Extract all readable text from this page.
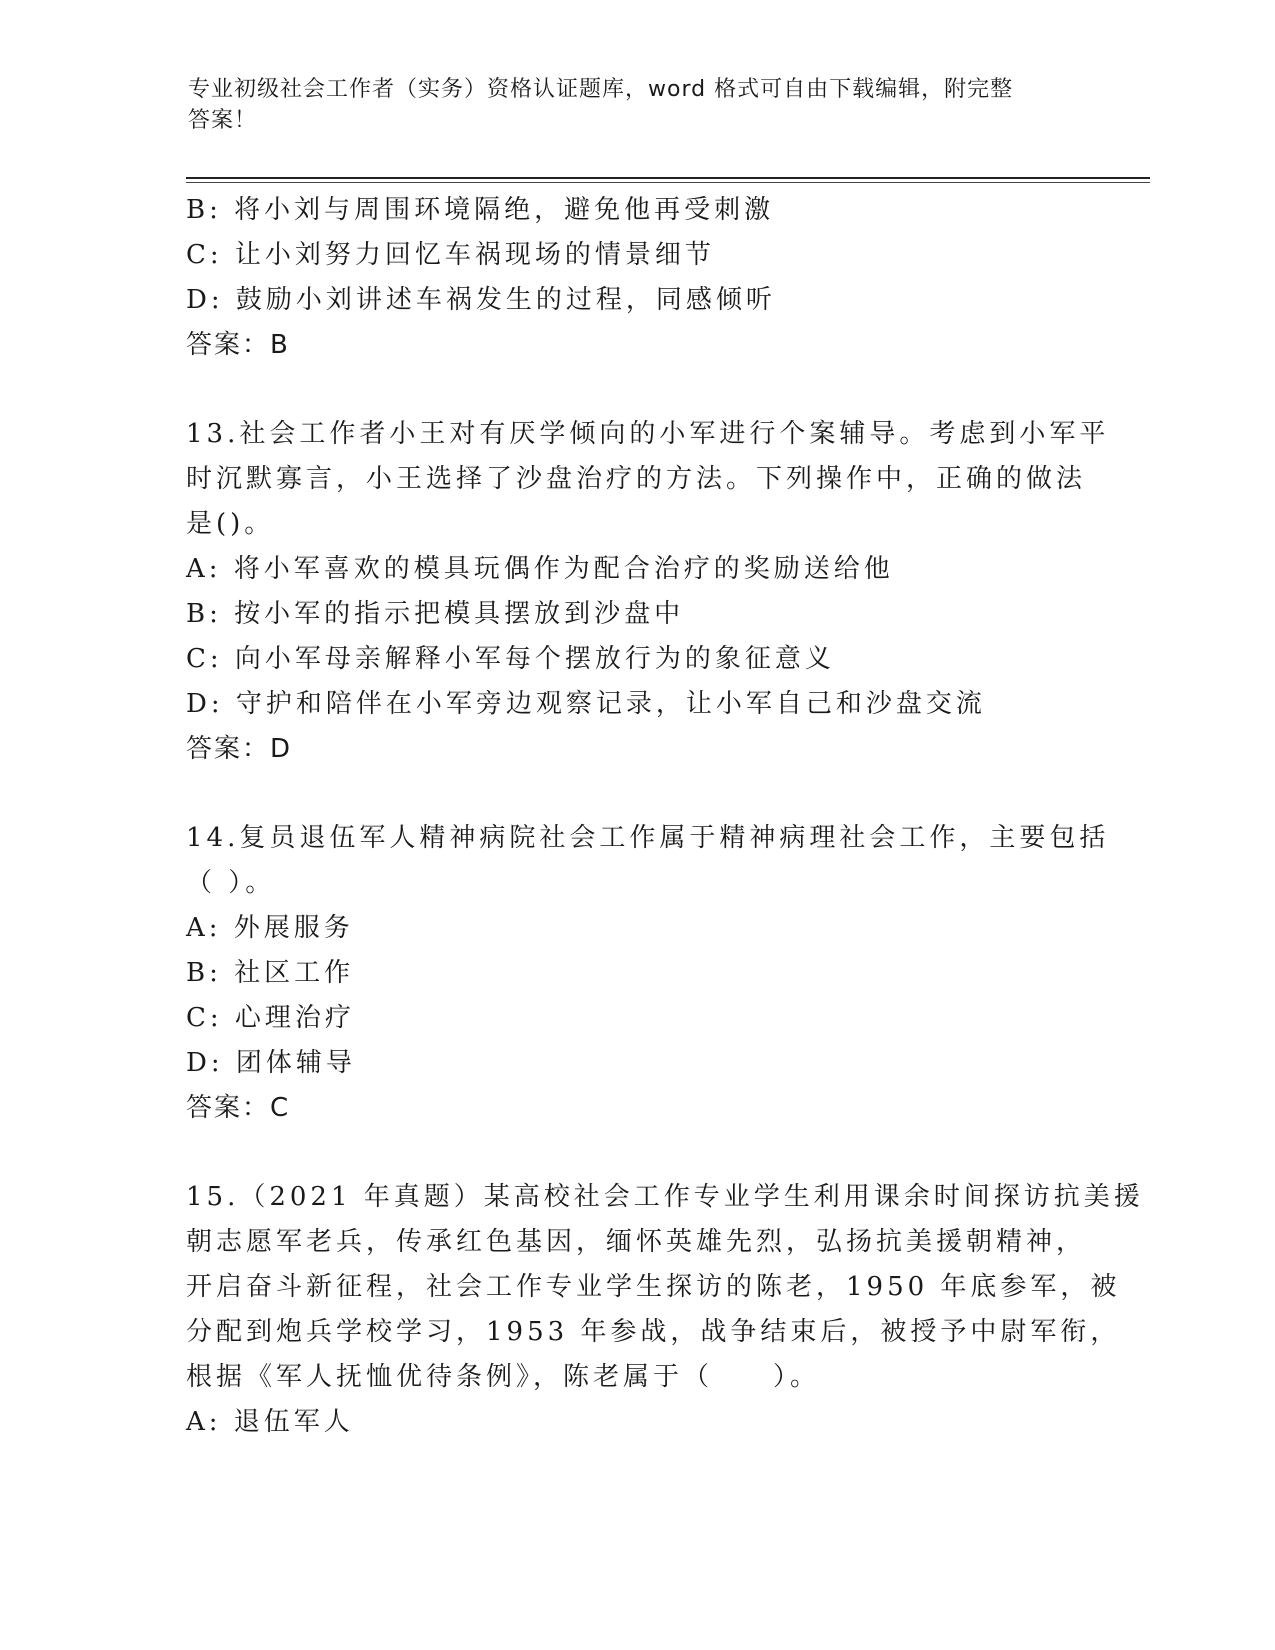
专业初级社会工作者（实务）资格认证题库，word 格式可自由下载编辑，附完整
答案！
B: 将小刘与周围环境隔绝，避免他再受刺激
C: 让小刘努力回忆车祸现场的情景细节
D: 鼓励小刘讲述车祸发生的过程，同感倾听
答案：B
13.社会工作者小王对有厌学倾向的小军进行个案辅导。考虑到小军平
时沉默寡言，小王选择了沙盘治疗的方法。下列操作中，正确的做法
是()。
A: 将小军喜欢的模具玩偶作为配合治疗的奖励送给他
B: 按小军的指示把模具摆放到沙盘中
C: 向小军母亲解释小军每个摆放行为的象征意义
D: 守护和陪伴在小军旁边观察记录，让小军自己和沙盘交流
答案：D
14.复员退伍军人精神病院社会工作属于精神病理社会工作，主要包括
（ ）。
A: 外展服务
B: 社区工作
C: 心理治疗
D: 团体辅导
答案：C
15.（2021 年真题）某高校社会工作专业学生利用课余时间探访抗美援
朝志愿军老兵，传承红色基因，缅怀英雄先烈，弘扬抗美援朝精神，
开启奋斗新征程，社会工作专业学生探访的陈老，1950 年底参军，被
分配到炮兵学校学习，1953 年参战，战争结束后，被授予中尉军衔，
根据《军人抚恤优待条例》，陈老属于（　　）。
A: 退伍军人
